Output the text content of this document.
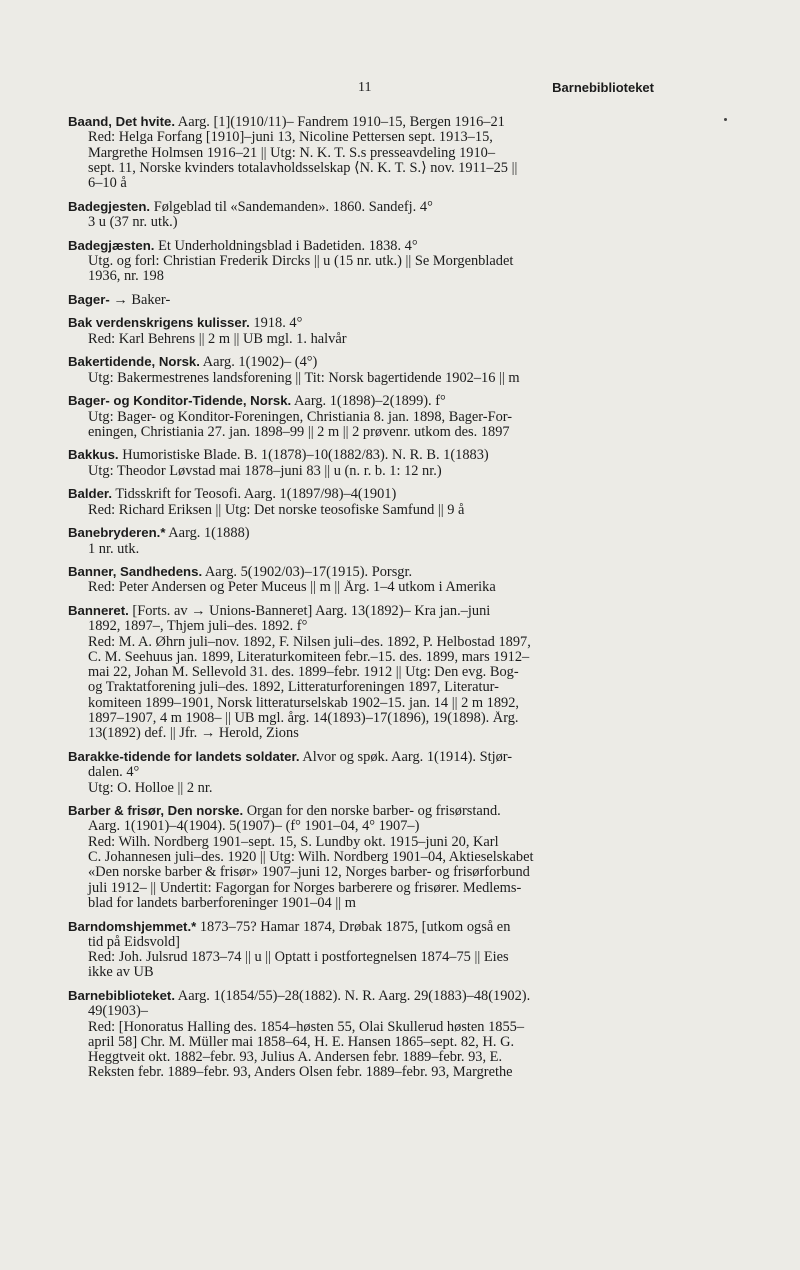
11	Barnebiblioteket
Baand, Det hvite. Aarg. [1](1910/11)– Fandrem 1910–15, Bergen 1916–21
Red: Helga Forfang [1910]–juni 13, Nicoline Pettersen sept. 1913–15,
Margrethe Holmsen 1916–21 || Utg: N. K. T. S.s presseavdeling 1910–
sept. 11, Norske kvinders totalavholdsselskap ⟨N. K. T. S.⟩ nov. 1911–25 ||
6–10 å
Badegjesten. Følgeblad til «Sandemanden». 1860. Sandefj. 4°
3 u (37 nr. utk.)
Badegjæsten. Et Underholdningsblad i Badetiden. 1838. 4°
Utg. og forl: Christian Frederik Dircks || u (15 nr. utk.) || Se Morgenbladet
1936, nr. 198
Bager- → Baker-
Bak verdenskrigens kulisser. 1918. 4°
Red: Karl Behrens || 2 m || UB mgl. 1. halvår
Bakertidende, Norsk. Aarg. 1(1902)– (4°)
Utg: Bakermestrenes landsforening || Tit: Norsk bagertidende 1902–16 || m
Bager- og Konditor-Tidende, Norsk. Aarg. 1(1898)–2(1899). f°
Utg: Bager- og Konditor-Foreningen, Christiania 8. jan. 1898, Bager-For-
eningen, Christiania 27. jan. 1898–99 || 2 m || 2 prøvenr. utkom des. 1897
Bakkus. Humoristiske Blade. B. 1(1878)–10(1882/83). N. R. B. 1(1883)
Utg: Theodor Løvstad mai 1878–juni 83 || u (n. r. b. 1: 12 nr.)
Balder. Tidsskrift for Teosofi. Aarg. 1(1897/98)–4(1901)
Red: Richard Eriksen || Utg: Det norske teosofiske Samfund || 9 å
Banebryderen.* Aarg. 1(1888)
1 nr. utk.
Banner, Sandhedens. Aarg. 5(1902/03)–17(1915). Porsgr.
Red: Peter Andersen og Peter Muceus || m || Årg. 1–4 utkom i Amerika
Banneret. [Forts. av → Unions-Banneret] Aarg. 13(1892)– Kra jan.–juni
1892, 1897–, Thjem juli–des. 1892. f°
Red: M. A. Øhrn juli–nov. 1892, F. Nilsen juli–des. 1892, P. Helbostad 1897,
C. M. Seehuus jan. 1899, Literaturkomiteen febr.–15. des. 1899, mars 1912–
mai 22, Johan M. Sellevold 31. des. 1899–febr. 1912 || Utg: Den evg. Bog-
og Traktatforening juli–des. 1892, Litteraturforeningen 1897, Literatur-
komiteen 1899–1901, Norsk litteraturselskab 1902–15. jan. 14 || 2 m 1892,
1897–1907, 4 m 1908– || UB mgl. årg. 14(1893)–17(1896), 19(1898). Årg.
13(1892) def. || Jfr. → Herold, Zions
Barakke-tidende for landets soldater. Alvor og spøk. Aarg. 1(1914). Stjør-
dalen. 4°
Utg: O. Holloe || 2 nr.
Barber & frisør, Den norske. Organ for den norske barber- og frisørstand.
Aarg. 1(1901)–4(1904). 5(1907)– (f° 1901–04, 4° 1907–)
Red: Wilh. Nordberg 1901–sept. 15, S. Lundby okt. 1915–juni 20, Karl
C. Johannesen juli–des. 1920 || Utg: Wilh. Nordberg 1901–04, Aktieselskabet
«Den norske barber & frisør» 1907–juni 12, Norges barber- og frisørforbund
juli 1912– || Undertit: Fagorgan for Norges barberere og frisører. Medlems-
blad for landets barberforeninger 1901–04 || m
Barndomshjemmet.* 1873–75? Hamar 1874, Drøbak 1875, [utkom også en
tid på Eidsvold]
Red: Joh. Julsrud 1873–74 || u || Optatt i postfortegnelsen 1874–75 || Eies
ikke av UB
Barnebiblioteket. Aarg. 1(1854/55)–28(1882). N. R. Aarg. 29(1883)–48(1902).
49(1903)–
Red: [Honoratus Halling des. 1854–høsten 55, Olai Skullerud høsten 1855–
april 58] Chr. M. Müller mai 1858–64, H. E. Hansen 1865–sept. 82, H. G.
Heggtveit okt. 1882–febr. 93, Julius A. Andersen febr. 1889–febr. 93, E.
Reksten febr. 1889–febr. 93, Anders Olsen febr. 1889–febr. 93, Margrethe
